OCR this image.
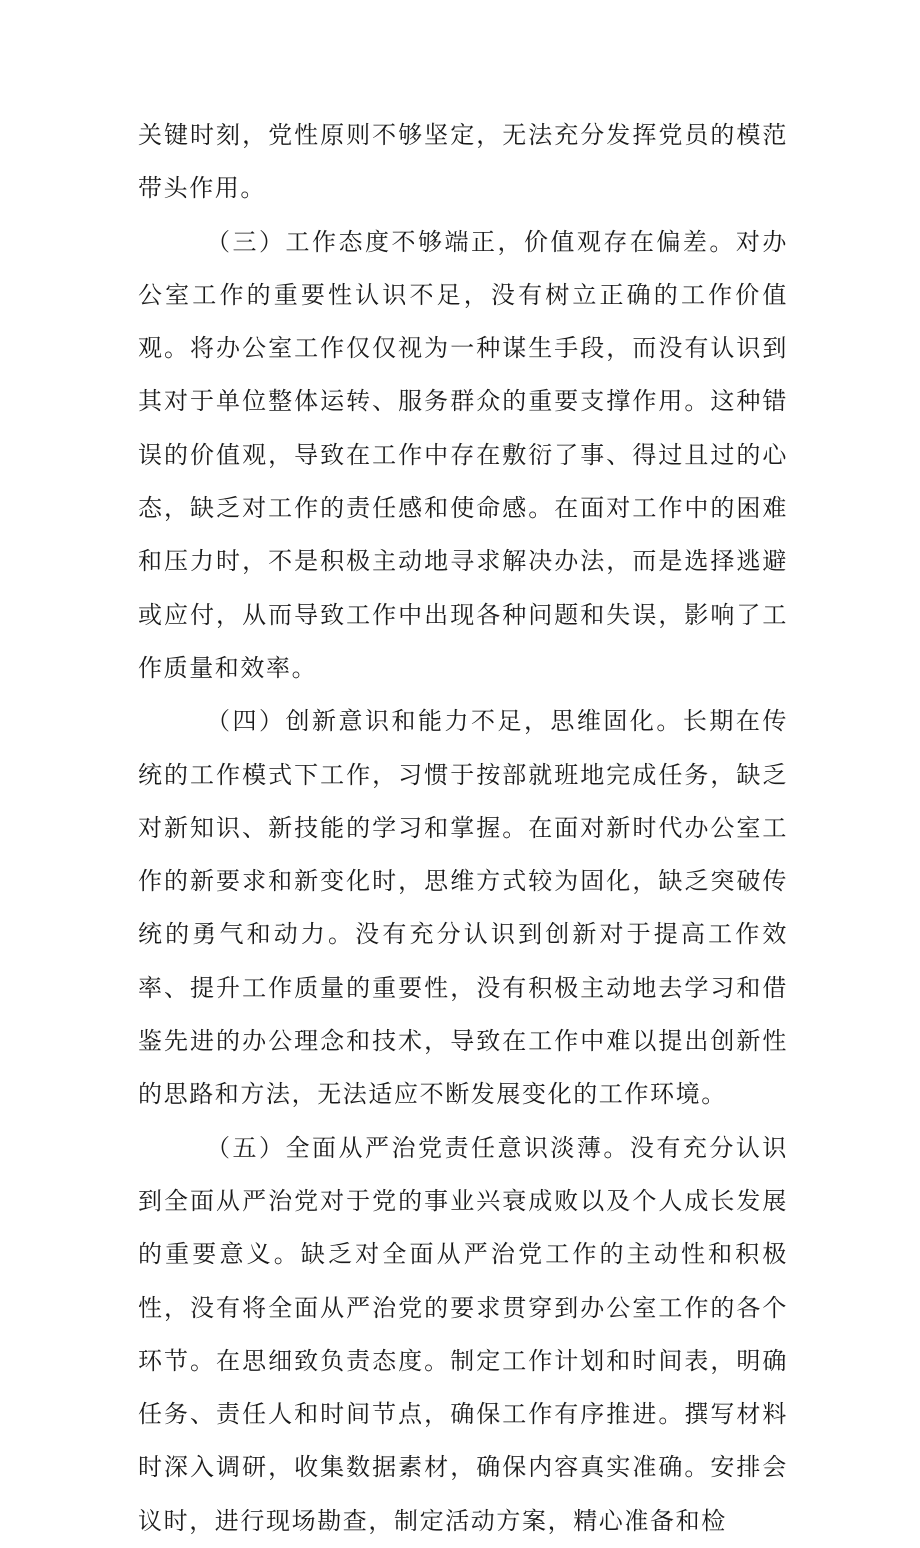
关键时刻，党性原则不够坚定，无法充分发挥党员的模范带头作用。

（三）工作态度不够端正，价值观存在偏差。对办公室工作的重要性认识不足，没有树立正确的工作价值观。将办公室工作仅仅视为一种谋生手段，而没有认识到其对于单位整体运转、服务群众的重要支撑作用。这种错误的价值观，导致在工作中存在敷衍了事、得过且过的心态，缺乏对工作的责任感和使命感。在面对工作中的困难和压力时，不是积极主动地寻求解决办法，而是选择逃避或应付，从而导致工作中出现各种问题和失误，影响了工作质量和效率。

（四）创新意识和能力不足，思维固化。长期在传统的工作模式下工作，习惯于按部就班地完成任务，缺乏对新知识、新技能的学习和掌握。在面对新时代办公室工作的新要求和新变化时，思维方式较为固化，缺乏突破传统的勇气和动力。没有充分认识到创新对于提高工作效率、提升工作质量的重要性，没有积极主动地去学习和借鉴先进的办公理念和技术，导致在工作中难以提出创新性的思路和方法，无法适应不断发展变化的工作环境。

（五）全面从严治党责任意识淡薄。没有充分认识到全面从严治党对于党的事业兴衰成败以及个人成长发展的重要意义。缺乏对全面从严治党工作的主动性和积极性，没有将全面从严治党的要求贯穿到办公室工作的各个环节。在思细致负责态度。制定工作计划和时间表，明确任务、责任人和时间节点，确保工作有序推进。撰写材料时深入调研，收集数据素材，确保内容真实准确。安排会议时，进行现场勘查，制定活动方案，精心准备和检
